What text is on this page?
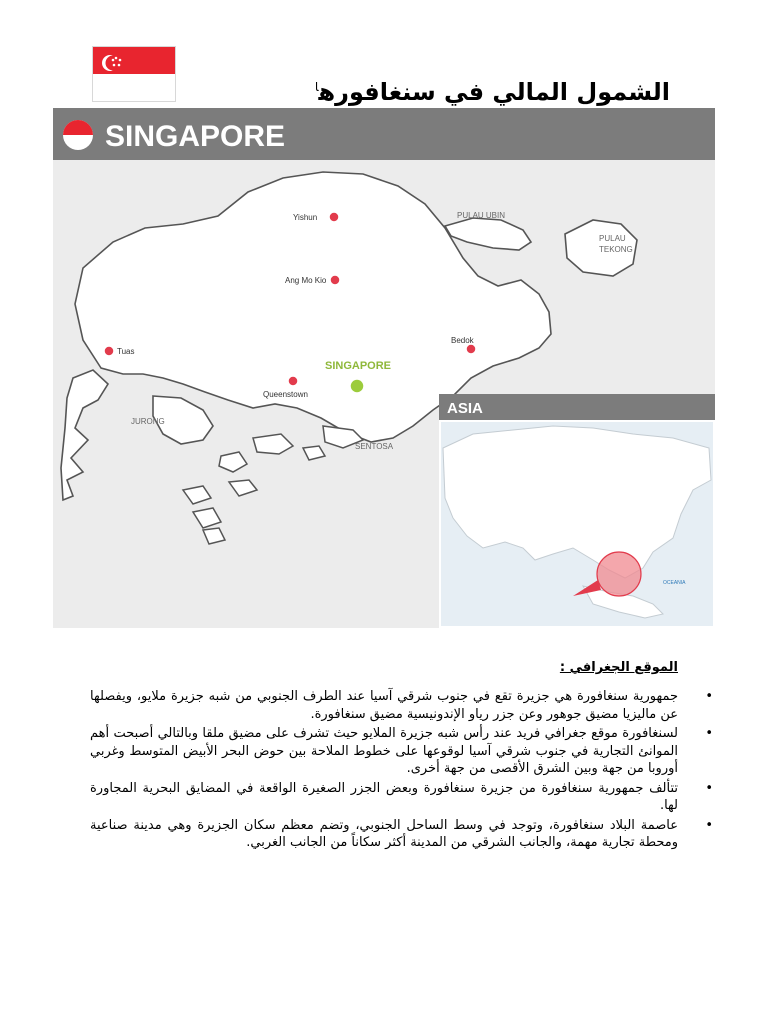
الشمول المالي في سنغافوره$^ا$
SINGAPORE
Yishun
Ang Mo Kio
Tuas
Queenstown
Bedok
SINGAPORE
JURONG
SENTOSA
PULAU UBIN
PULAU
TEKONG
ASIA
OCEANIA
الموقع الجغرافي :
•
جمهورية سنغافورة هي جزيرة تقع في جنوب شرقي آسيا عند الطرف الجنوبي من شبه جزيرة ملايو، ويفصلها عن ماليزيا مضيق جوهور وعن جزر رياو الإندونيسية مضيق سنغافورة.
•
لسنغافورة موقع جغرافي فريد عند رأس شبه جزيرة الملايو حيث تشرف على مضيق ملقا وبالتالي أصبحت أهم الموانئ التجارية في جنوب شرقي آسيا لوقوعها على خطوط الملاحة بين حوض البحر الأبيض المتوسط وغربي أوروبا من جهة وبين الشرق الأقصى من جهة أخرى.
•
تتألف جمهورية سنغافورة من جزيرة سنغافورة وبعض الجزر الصغيرة الواقعة في المضايق البحرية المجاورة لها.
•
عاصمة البلاد سنغافورة، وتوجد في وسط الساحل الجنوبي، وتضم معظم سكان الجزيرة وهي مدينة صناعية ومحطة تجارية مهمة، والجانب الشرقي من المدينة أكثر سكاناً من الجانب الغربي.
